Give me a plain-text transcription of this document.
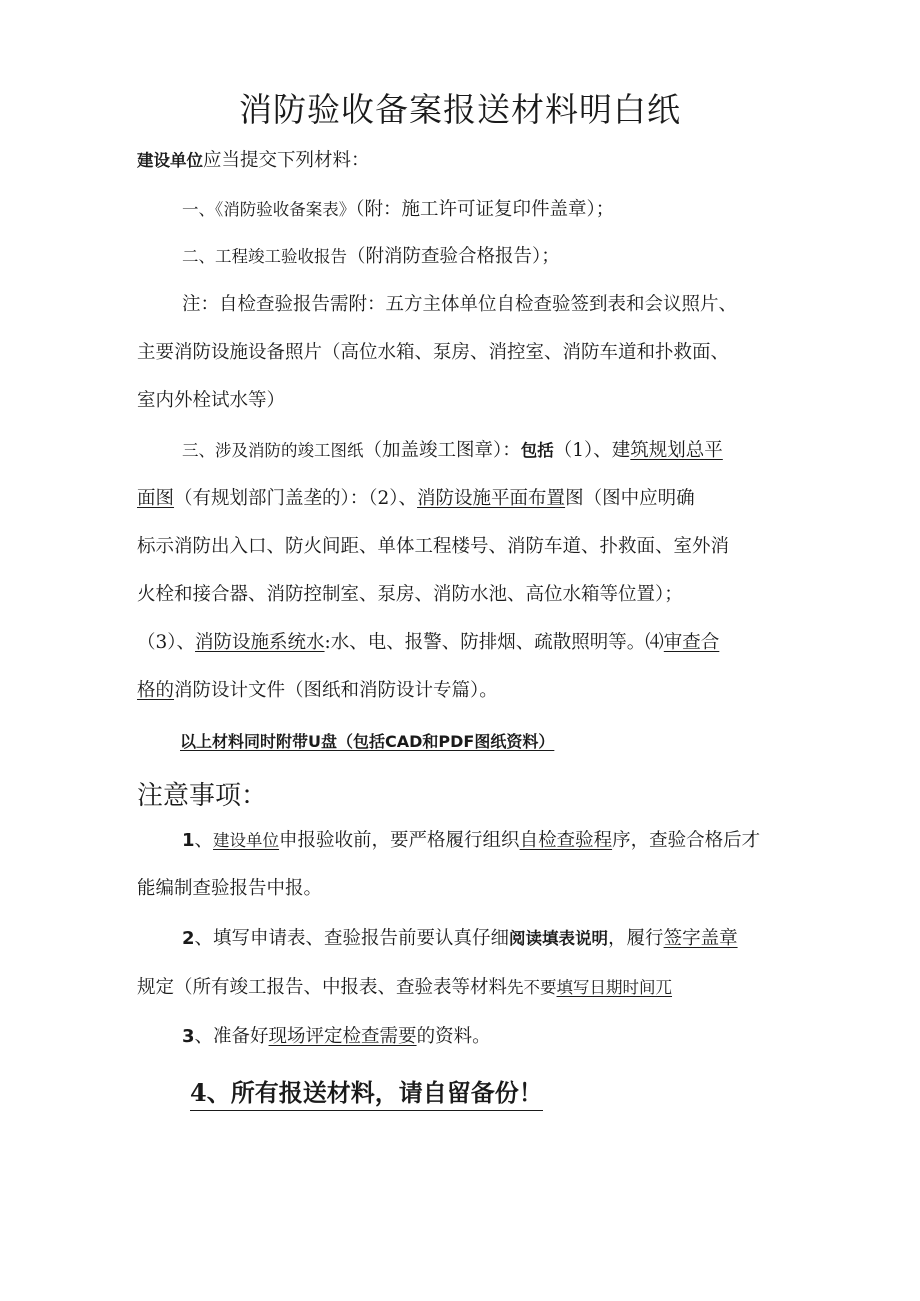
消防验收备案报送材料明白纸
建设单位应当提交下列材料：
一、《消防验收备案表》（附：施工许可证复印件盖章）；
二、工程竣工验收报告（附消防查验合格报告）；
注：自检查验报告需附：五方主体单位自检查验签到表和会议照片、
主要消防设施设备照片（高位水箱、泵房、消控室、消防车道和扑救面、
室内外栓试水等）
三、涉及消防的竣工图纸（加盖竣工图章）：包括（1）、建筑规划总平
面图（有规划部门盖垄的）：（2）、消防设施平面布置图（图中应明确
标示消防出入口、防火间距、单体工程楼号、消防车道、扑救面、室外消
火栓和接合器、消防控制室、泵房、消防水池、高位水箱等位置）；
（3）、消防设施系统水:水、电、报警、防排烟、疏散照明等。⑷审查合
格的消防设计文件（图纸和消防设计专篇）。
以上材料同时附带U盘（包括CAD和PDF图纸资料）
注意事项：
1、建设单位申报验收前，要严格履行组织自检查验程序，查验合格后才
能编制查验报告中报。
2、填写申请表、查验报告前要认真仔细阅读填表说明，履行签字盖章
规定（所有竣工报告、中报表、查验表等材料先不要填写日期时间兀
3、准备好现场评定检查需要的资料。
4、所有报送材料，请自留备份！
